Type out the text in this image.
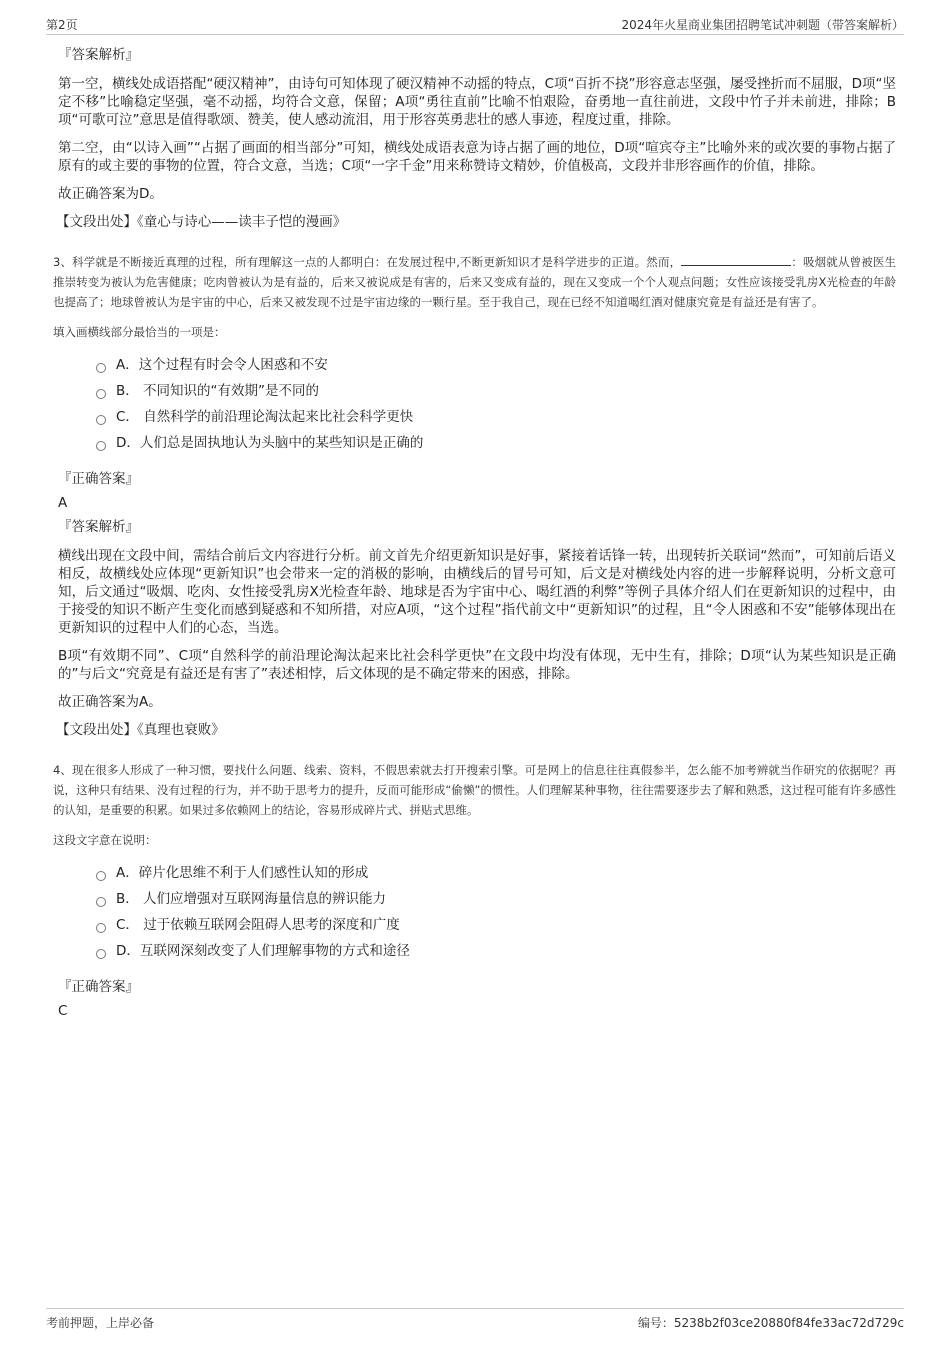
第2页	2024年火星商业集团招聘笔试冲刺题（带答案解析）
『答案解析』

第一空，横线处成语搭配“硬汉精神”，由诗句可知体现了硬汉精神不动摇的特点，C项“百折不挠”形容意志坚强，屡受挫折而不屈服，D项“坚定不移”比喻稳定坚强，毫不动摇，均符合文意，保留；A项“勇往直前”比喻不怕艰险，奋勇地一直往前进，文段中竹子并未前进，排除；B项“可歌可泣”意思是值得歌颂、赞美，使人感动流泪，用于形容英勇悲壮的感人事迹，程度过重，排除。

第二空，由“以诗入画”“占据了画面的相当部分”可知，横线处成语表意为诗占据了画的地位，D项“喧宾夺主”比喻外来的或次要的事物占据了原有的或主要的事物的位置，符合文意，当选；C项“一字千金”用来称赞诗文精妙，价值极高，文段并非形容画作的价值，排除。

故正确答案为D。

【文段出处】《童心与诗心——读丰子恺的漫画》

3、科学就是不断接近真理的过程，所有理解这一点的人都明白：在发展过程中,不断更新知识才是科学进步的正道。然而，	：吸烟就从曾被医生推崇转变为被认为危害健康；吃肉曾被认为是有益的，后来又被说成是有害的，后来又变成有益的，现在又变成一个个人观点问题；女性应该接受乳房X光检查的年龄也提高了；地球曾被认为是宇宙的中心，后来又被发现不过是宇宙边缘的一颗行星。至于我自己，现在已经不知道喝红酒对健康究竟是有益还是有害了。

填入画横线部分最恰当的一项是：
A．这个过程有时会令人困惑和不安
B． 不同知识的“有效期”是不同的
C． 自然科学的前沿理论淘汰起来比社会科学更快
D．人们总是固执地认为头脑中的某些知识是正确的
『正确答案』
A
『答案解析』

横线出现在文段中间，需结合前后文内容进行分析。前文首先介绍更新知识是好事，紧接着话锋一转，出现转折关联词“然而”，可知前后语义相反，故横线处应体现“更新知识”也会带来一定的消极的影响，由横线后的冒号可知，后文是对横线处内容的进一步解释说明，分析文意可知，后文通过“吸烟、吃肉、女性接受乳房X光检查年龄、地球是否为宇宙中心、喝红酒的利弊”等例子具体介绍人们在更新知识的过程中，由于接受的知识不断产生变化而感到疑惑和不知所措，对应A项，“这个过程”指代前文中“更新知识”的过程，且“令人困惑和不安”能够体现出在更新知识的过程中人们的心态，当选。

B项“有效期不同”、C项“自然科学的前沿理论淘汰起来比社会科学更快”在文段中均没有体现，无中生有，排除；D项“认为某些知识是正确的”与后文“究竟是有益还是有害了”表述相悖，后文体现的是不确定带来的困惑，排除。

故正确答案为A。

【文段出处】《真理也衰败》

4、现在很多人形成了一种习惯，要找什么问题、线索、资料，不假思索就去打开搜索引擎。可是网上的信息往往真假参半，怎么能不加考辨就当作研究的依据呢？再说，这种只有结果、没有过程的行为，并不助于思考力的提升，反而可能形成“偷懒”的惯性。人们理解某种事物，往往需要逐步去了解和熟悉，这过程可能有许多感性的认知，是重要的积累。如果过多依赖网上的结论，容易形成碎片式、拼贴式思维。

这段文字意在说明：
A．碎片化思维不利于人们感性认知的形成
B． 人们应增强对互联网海量信息的辨识能力
C． 过于依赖互联网会阻碍人思考的深度和广度
D．互联网深刻改变了人们理解事物的方式和途径
『正确答案』
C
考前押题，上岸必备	编号：5238b2f03ce20880f84fe33ac72d729c
